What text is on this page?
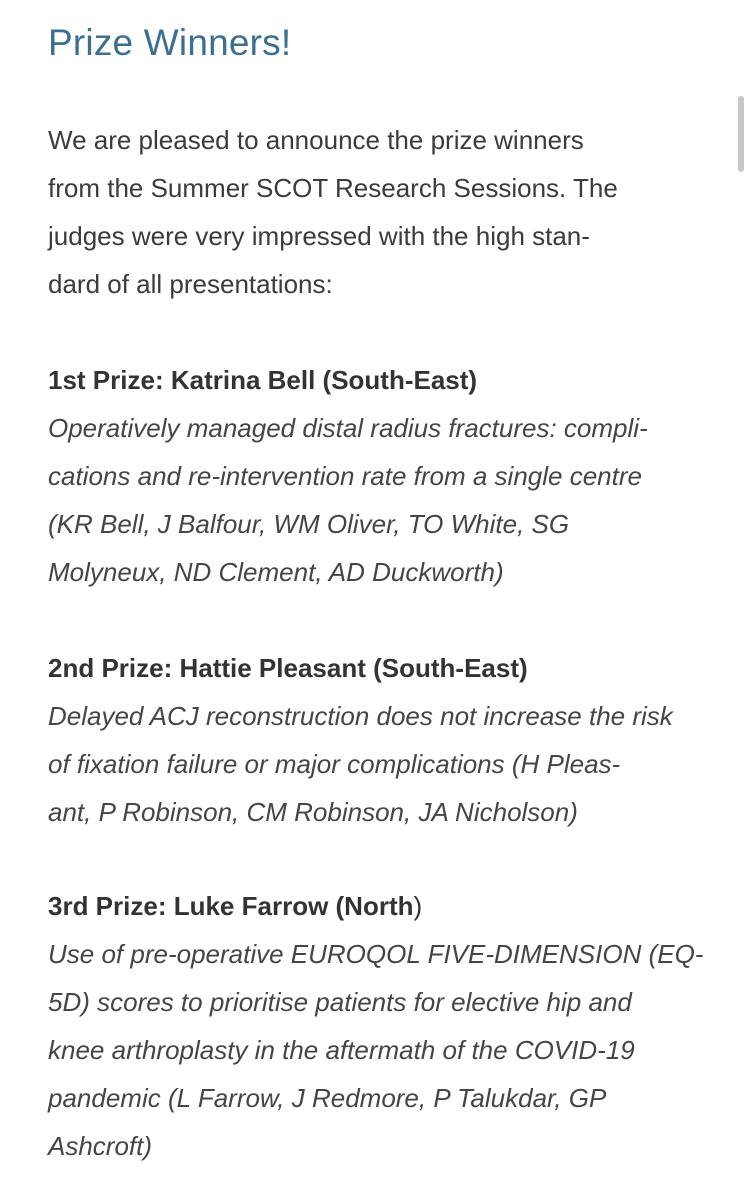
Prize Winners!

We are pleased to announce the prize winners
from the Summer SCOT Research Sessions. The
judges were very impressed with the high stan-
dard of all presentations:

1st Prize: Katrina Bell (South-East)
Operatively managed distal radius fractures: compli-
cations and re-intervention rate from a single centre
(KR Bell, J Balfour, WM Oliver, TO White, SG
Molyneux, ND Clement, AD Duckworth)

2nd Prize: Hattie Pleasant (South-East)
Delayed ACJ reconstruction does not increase the risk
of fixation failure or major complications (H Pleas-
ant, P Robinson, CM Robinson, JA Nicholson)

3rd Prize: Luke Farrow (North)
Use of pre-operative EUROQOL FIVE-DIMENSION (EQ-
5D) scores to prioritise patients for elective hip and
knee arthroplasty in the aftermath of the COVID-19
pandemic (L Farrow, J Redmore, P Talukdar, GP
Ashcroft)
